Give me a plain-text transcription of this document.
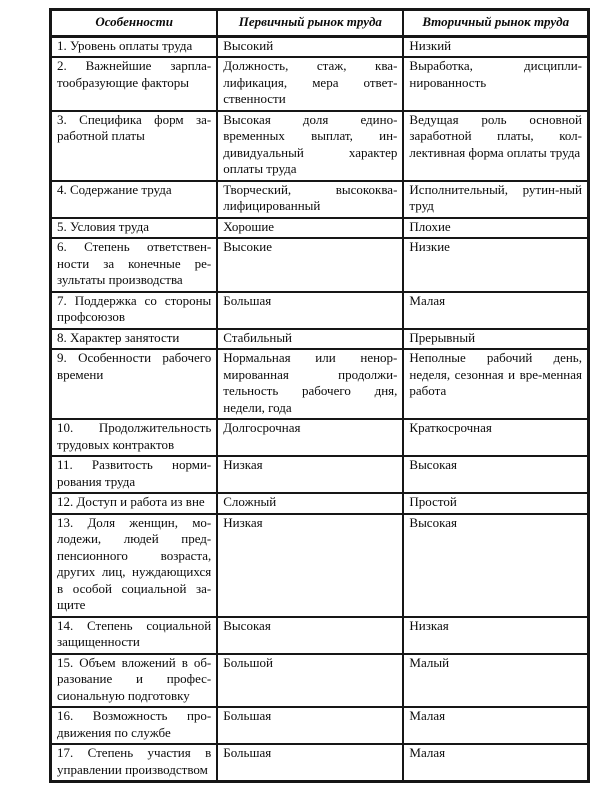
Особенности	Первичный рынок труда	Вторичный рынок труда
1. Уровень оплаты труда	Высокий	Низкий
2. Важнейшие зарпла-тообразующие факторы	Должность, стаж, ква-лификация, мера ответ-ственности	Выработка, дисципли-нированность
3. Специфика форм за-работной платы	Высокая доля едино-временных выплат, ин-дивидуальный характер оплаты труда	Ведущая роль основной заработной платы, кол-лективная форма оплаты труда
4. Содержание труда	Творческий, высококва-лифицированный	Исполнительный, рутин-ный труд
5. Условия труда	Хорошие	Плохие
6. Степень ответствен-ности за конечные ре-зультаты производства	Высокие	Низкие
7. Поддержка со стороны профсоюзов	Большая	Малая
8. Характер занятости	Стабильный	Прерывный
9. Особенности рабочего времени	Нормальная или ненор-мированная продолжи-тельность рабочего дня, недели, года	Неполные рабочий день, неделя, сезонная и вре-менная работа
10. Продолжительность трудовых контрактов	Долгосрочная	Краткосрочная
11. Развитость норми-рования труда	Низкая	Высокая
12. Доступ и работа из вне	Сложный	Простой
13. Доля женщин, мо-лодежи, людей пред-пенсионного возраста, других лиц, нуждающихся в особой социальной за-щите	Низкая	Высокая
14. Степень социальной защищенности	Высокая	Низкая
15. Объем вложений в об-разование и профес-сиональную подготовку	Большой	Малый
16. Возможность про-движения по службе	Большая	Малая
17. Степень участия в управлении производством	Большая	Малая
